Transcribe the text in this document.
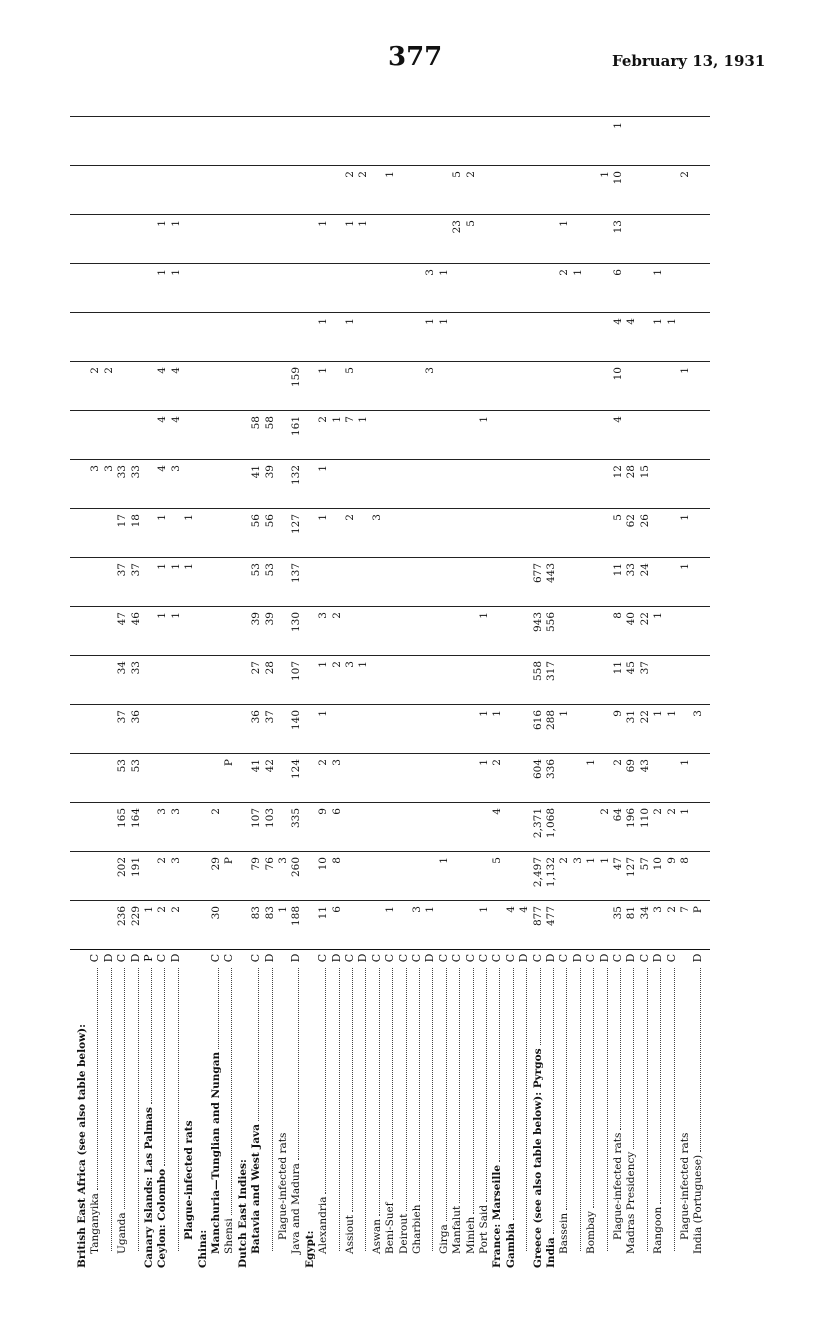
377	February 13, 1931
British East Africa (see also table below): Tanganyika
C
3
2
D
3
2
Uganda
C
236
202
165
53
37
34
47
37
17
33
D
229
191
164
53
36
33
46
37
18
33
Canary Islands: Las Palmas
P
1
Ceylon: Colombo
C
2
2
3
1
1
1
4
4
4
1
1
D
2
3
3
1
1
3
4
4
1
1
Plague-infected rats
1
1
China: Manchuria—Tunglian and Nungan
C
30
29
2
Shensi
C
P
P
Dutch East Indies: Batavia and West Java
C
83
79
107
41
36
27
39
53
56
41
58
D
83
76
103
42
37
28
39
53
56
39
58
Plague-infected rats
1
3
Java and Madura
D
188
260
335
124
140
107
130
137
127
132
161
159
Egypt: Alexandria
C
11
10
9
2
1
1
3
1
1
2
1
1
1
D
6
8
6
3
2
2
1
Assiout
C
3
2
7
5
1
1
2
D
1
1
1
2
Aswan
C
3
Beni-Suef
C
1
1
Deirout
C
Gharbieh
C
3
D
1
3
1
3
Girga
C
1
1
1
Manfalut
C
23
5
Minieh
C
5
2
Port Said
C
1
1
1
1
1
France: Marseille
C
5
4
2
1
Gambia
C
4
D
4
Greece (see also table below): Pyrgos
C
877
2,497
2,371
604
616
558
943
677
India
D
477
1,132
1,068
336
288
317
556
443
Bassein
C
2
1
2
1
D
3
1
Bombay
C
1
1
D
1
2
1
Plague-infected rats
C
35
47
64
2
9
11
8
11
5
12
4
10
4
6
13
10
1
Madras Presidency
D
81
127
196
69
31
45
40
33
62
28
4
C
34
57
110
43
22
37
22
24
26
15
Rangoon
D
3
10
2
1
1
1
1
C
2
9
2
1
1
Plague-infected rats
7
8
1
1
1
1
1
2
India (Portuguese)
D
P
3
